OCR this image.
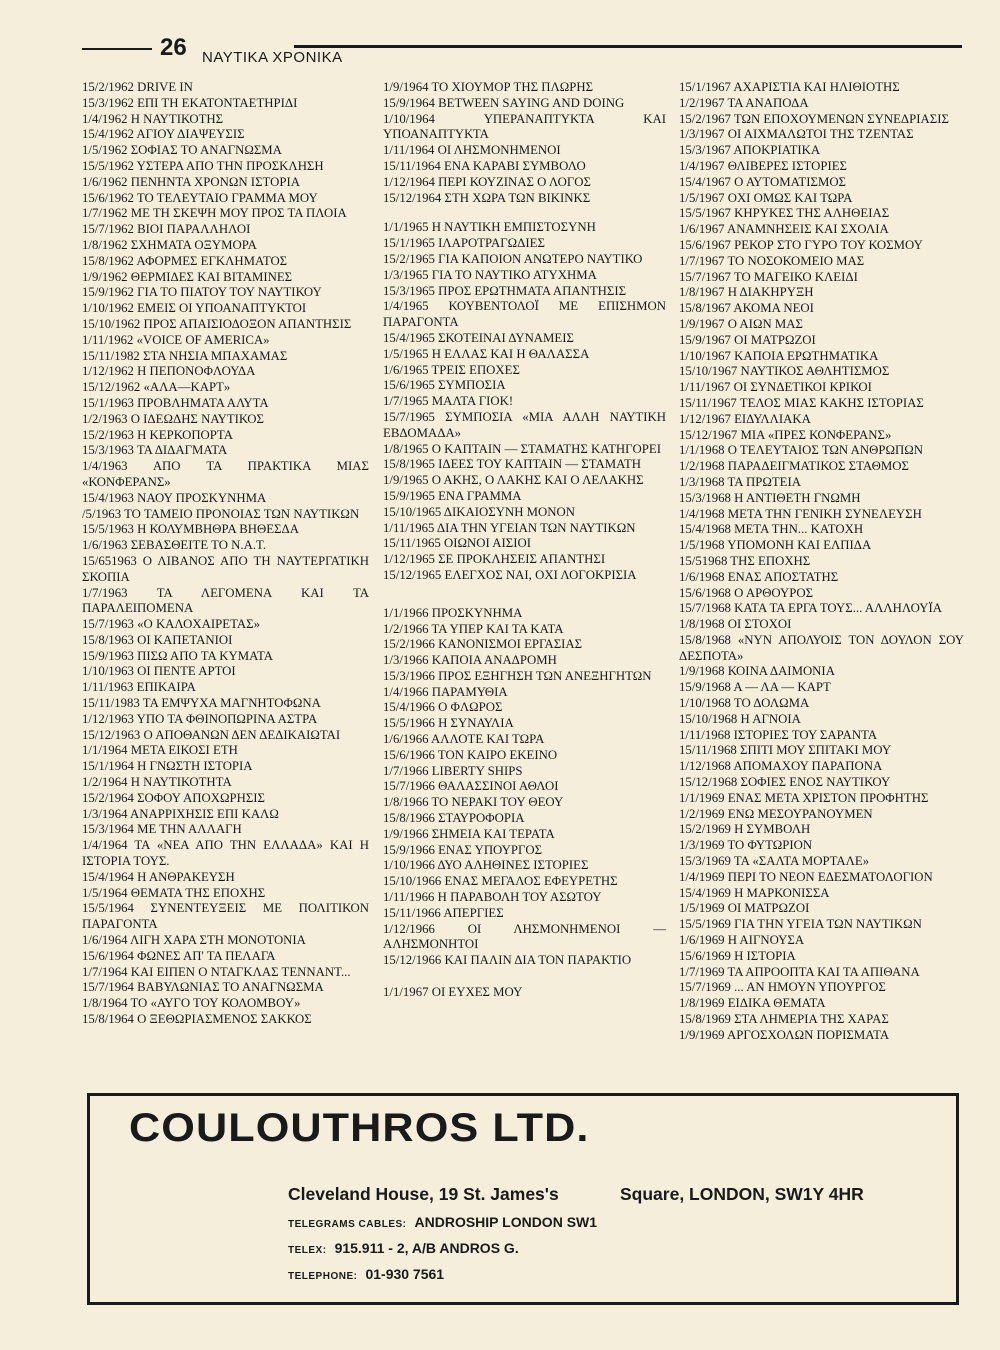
26 ΝΑΥΤΙΚΑ ΧΡΟΝΙΚΑ

15/2/1962 DRIVE IN

15/3/1962 ΕΠΙ ΤΗ ΕΚΑΤΟΝΤΑΕΤΗΡΙΔΙ

1/4/1962 Η ΝΑΥΤΙΚΟΤΗΣ

15/4/1962 ΑΓΙΟΥ ΔΙΑΨΕΥΣΙΣ

1/5/1962 ΣΟΦΙΑΣ ΤΟ ΑΝΑΓΝΩΣΜΑ

15/5/1962 ΥΣΤΕΡΑ ΑΠΟ ΤΗΝ ΠΡΟΣΚΛΗΣΗ

1/6/1962 ΠΕΝΗΝΤΑ ΧΡΟΝΩΝ ΙΣΤΟΡΙΑ

15/6/1962 ΤΟ ΤΕΛΕΥΤΑΙΟ ΓΡΑΜΜΑ ΜΟΥ

1/7/1962 ΜΕ ΤΗ ΣΚΕΨΗ ΜΟΥ ΠΡΟΣ ΤΑ ΠΛΟΙΑ

15/7/1962 ΒΙΟΙ ΠΑΡΑΛΛΗΛΟΙ

1/8/1962 ΣΧΗΜΑΤΑ ΟΞΥΜΟΡΑ

15/8/1962 ΑΦΟΡΜΕΣ ΕΓΚΛΗΜΑΤΟΣ

1/9/1962 ΘΕΡΜΙΔΕΣ ΚΑΙ ΒΙΤΑΜΙΝΕΣ

15/9/1962 ΓΙΑ ΤΟ ΠΙΑΤΟΥ ΤΟΥ ΝΑΥΤΙΚΟΥ

1/10/1962 ΕΜΕΙΣ ΟΙ ΥΠΟΑΝΑΠΤΥΚΤΟΙ

15/10/1962 ΠΡΟΣ ΑΠΑΙΣΙΟΔΟΞΟΝ ΑΠΑΝΤΗΣΙΣ

1/11/1962 «VOICE OF AMERICA»

15/11/1982 ΣΤΑ ΝΗΣΙΑ ΜΠΑΧΑΜΑΣ

1/12/1962 Η ΠΕΠΟΝΟΦΛΟΥΔΑ

15/12/1962 «ΑΛΑ—ΚΑΡΤ»

15/1/1963 ΠΡΟΒΛΗΜΑΤΑ ΑΛΥΤΑ

1/2/1963 Ο ΙΔΕΩΔΗΣ ΝΑΥΤΙΚΟΣ

15/2/1963 Η ΚΕΡΚΟΠΟΡΤΑ

15/3/1963 ΤΑ ΔΙΔΑΓΜΑΤΑ

1/4/1963 ΑΠΟ ΤΑ ΠΡΑΚΤΙΚΑ ΜΙΑΣ «ΚΟΝΦΕΡΑΝΣ»

15/4/1963 ΝΑΟΥ ΠΡΟΣΚΥΝΗΜΑ

/5/1963 ΤΟ ΤΑΜΕΙΟ ΠΡΟΝΟΙΑΣ ΤΩΝ ΝΑΥΤΙΚΩΝ

15/5/1963 Η ΚΟΛΥΜΒΗΘΡΑ ΒΗΘΕΣΔΑ

1/6/1963 ΣΕΒΑΣΘΕΙΤΕ ΤΟ Ν.Α.Τ.

15/651963 Ο ΛΙΒΑΝΟΣ ΑΠΟ ΤΗ ΝΑΥΤΕΡΓΑΤΙΚΗ ΣΚΟΠΙΑ

1/7/1963 ΤΑ ΛΕΓΟΜΕΝΑ ΚΑΙ ΤΑ ΠΑΡΑΛΕΙΠΟΜΕΝΑ

15/7/1963 «Ο ΚΑΛΟΧΑΙΡΕΤΑΣ»

15/8/1963 ΟΙ ΚΑΠΕΤΑΝΙΟΙ

15/9/1963 ΠΙΣΩ ΑΠΟ ΤΑ ΚΥΜΑΤΑ

1/10/1963 ΟΙ ΠΕΝΤΕ ΑΡΤΟΙ

1/11/1963 ΕΠΙΚΑΙΡΑ

15/11/1983 ΤΑ ΕΜΨΥΧΑ ΜΑΓΝΗΤΟΦΩΝΑ

1/12/1963 ΥΠΟ ΤΑ ΦΘΙΝΟΠΩΡΙΝΑ ΑΣΤΡΑ

15/12/1963 Ο ΑΠΟΘΑΝΩΝ ΔΕΝ ΔΕΔΙΚΑΙΩΤΑΙ

1/1/1964 ΜΕΤΑ ΕΙΚΟΣΙ ΕΤΗ

15/1/1964 Η ΓΝΩΣΤΗ ΙΣΤΟΡΙΑ

1/2/1964 Η ΝΑΥΤΙΚΟΤΗΤΑ

15/2/1964 ΣΟΦΟΥ ΑΠΟΧΩΡΗΣΙΣ

1/3/1964 ΑΝΑΡΡΙΧΗΣΙΣ ΕΠΙ ΚΑΛΩ

15/3/1964 ΜΕ ΤΗΝ ΑΛΛΑΓΗ

1/4/1964 ΤΑ «ΝΕΑ ΑΠΟ ΤΗΝ ΕΛΛΑΔΑ» ΚΑΙ Η ΙΣΤΟΡΙΑ ΤΟΥΣ.

15/4/1964 Η ΑΝΘΡΑΚΕΥΣΗ

1/5/1964 ΘΕΜΑΤΑ ΤΗΣ ΕΠΟΧΗΣ

15/5/1964 ΣΥΝΕΝΤΕΥΞΕΙΣ ΜΕ ΠΟΛΙΤΙΚΟΝ ΠΑΡΑΓΟΝΤΑ

1/6/1964 ΛΙΓΗ ΧΑΡΑ ΣΤΗ ΜΟΝΟΤΟΝΙΑ

15/6/1964 ΦΩΝΕΣ ΑΠ' ΤΑ ΠΕΛΑΓΑ

1/7/1964 ΚΑΙ ΕΙΠΕΝ Ο ΝΤΑΓΚΛΑΣ ΤΕΝΝΑΝΤ...

15/7/1964 ΒΑΒΥΛΩΝΙΑΣ ΤΟ ΑΝΑΓΝΩΣΜΑ

1/8/1964 ΤΟ «ΑΥΓΟ ΤΟΥ ΚΟΛΟΜΒΟΥ»

15/8/1964 Ο ΞΕΘΩΡΙΑΣΜΕΝΟΣ ΣΑΚΚΟΣ

1/9/1964 ΤΟ ΧΙΟΥΜΟΡ ΤΗΣ ΠΛΩΡΗΣ

15/9/1964 BETWEEN SAYING AND DOING

1/10/1964 ΥΠΕΡΑΝΑΠΤΥΚΤΑ ΚΑΙ ΥΠΟΑΝΑΠΤΥΚΤΑ

1/11/1964 ΟΙ ΛΗΣΜΟΝΗΜΕΝΟΙ

15/11/1964 ΕΝΑ ΚΑΡΑΒΙ ΣΥΜΒΟΛΟ

1/12/1964 ΠΕΡΙ ΚΟΥΖΙΝΑΣ Ο ΛΟΓΟΣ

15/12/1964 ΣΤΗ ΧΩΡΑ ΤΩΝ ΒΙΚΙΝΚΣ

1/1/1965 Η ΝΑΥΤΙΚΗ ΕΜΠΙΣΤΟΣΥΝΗ

15/1/1965 ΙΛΑΡΟΤΡΑΓΩΔΙΕΣ

15/2/1965 ΓΙΑ ΚΑΠΟΙΟΝ ΑΝΩΤΕΡΟ ΝΑΥΤΙΚΟ

1/3/1965 ΓΙΑ ΤΟ ΝΑΥΤΙΚΟ ΑΤΥΧΗΜΑ

15/3/1965 ΠΡΟΣ ΕΡΩΤΗΜΑΤΑ ΑΠΑΝΤΗΣΙΣ

1/4/1965 ΚΟΥΒΕΝΤΟΛΟΪ ΜΕ ΕΠΙΣΗΜΟΝ ΠΑΡΑΓΟΝΤΑ

15/4/1965 ΣΚΟΤΕΙΝΑΙ ΔΥΝΑΜΕΙΣ

1/5/1965 Η ΕΛΛΑΣ ΚΑΙ Η ΘΑΛΑΣΣΑ

1/6/1965 ΤΡΕΙΣ ΕΠΟΧΕΣ

15/6/1965 ΣΥΜΠΟΣΙΑ

1/7/1965 ΜΑΛΤΑ ΓΙΟΚ!

15/7/1965 ΣΥΜΠΟΣΙΑ «ΜΙΑ ΑΛΛΗ ΝΑΥΤΙΚΗ ΕΒΔΟΜΑΔΑ»

1/8/1965 Ο ΚΑΠΤΑΙΝ — ΣΤΑΜΑΤΗΣ ΚΑΤΗΓΟΡΕΙ

15/8/1965 ΙΔΕΕΣ ΤΟΥ ΚΑΠΤΑΙΝ — ΣΤΑΜΑΤΗ

1/9/1965 Ο ΑΚΗΣ, Ο ΛΑΚΗΣ ΚΑΙ Ο ΛΕΛΑΚΗΣ

15/9/1965 ΕΝΑ ΓΡΑΜΜΑ

15/10/1965 ΔΙΚΑΙΟΣΥΝΗ ΜΟΝΟΝ

1/11/1965 ΔΙΑ ΤΗΝ ΥΓΕΙΑΝ ΤΩΝ ΝΑΥΤΙΚΩΝ

15/11/1965 ΟΙΩΝΟΙ ΑΙΣΙΟΙ

1/12/1965 ΣΕ ΠΡΟΚΛΗΣΕΙΣ ΑΠΑΝΤΗΣΙ

15/12/1965 ΕΛΕΓΧΟΣ ΝΑΙ, ΟΧΙ ΛΟΓΟΚΡΙΣΙΑ

1/1/1966 ΠΡΟΣΚΥΝΗΜΑ

1/2/1966 ΤΑ ΥΠΕΡ ΚΑΙ ΤΑ ΚΑΤΑ

15/2/1966 ΚΑΝΟΝΙΣΜΟΙ ΕΡΓΑΣΙΑΣ

1/3/1966 ΚΑΠΟΙΑ ΑΝΑΔΡΟΜΗ

15/3/1966 ΠΡΟΣ ΕΞΗΓΗΣΗ ΤΩΝ ΑΝΕΞΗΓΗΤΩΝ

1/4/1966 ΠΑΡΑΜΥΘΙΑ

15/4/1966 Ο ΦΛΩΡΟΣ

15/5/1966 Η ΣΥΝΑΥΛΙΑ

1/6/1966 ΑΛΛΟΤΕ ΚΑΙ ΤΩΡΑ

15/6/1966 ΤΟΝ ΚΑΙΡΟ ΕΚΕΙΝΟ

1/7/1966 LIBERTY SHIPS

15/7/1966 ΘΑΛΑΣΣΙΝΟΙ ΑΘΛΟΙ

1/8/1966 ΤΟ ΝΕΡΑΚΙ ΤΟΥ ΘΕΟΥ

15/8/1966 ΣΤΑΥΡΟΦΟΡΙΑ

1/9/1966 ΣΗΜΕΙΑ ΚΑΙ ΤΕΡΑΤΑ

15/9/1966 ΕΝΑΣ ΥΠΟΥΡΓΟΣ

1/10/1966 ΔΥΟ ΑΛΗΘΙΝΕΣ ΙΣΤΟΡΙΕΣ

15/10/1966 ΕΝΑΣ ΜΕΓΑΛΟΣ ΕΦΕΥΡΕΤΗΣ

1/11/1966 Η ΠΑΡΑΒΟΛΗ ΤΟΥ ΑΣΩΤΟΥ

15/11/1966 ΑΠΕΡΓΙΕΣ

1/12/1966 ΟΙ ΛΗΣΜΟΝΗΜΕΝΟΙ — ΑΛΗΣΜΟΝΗΤΟΙ

15/12/1966 ΚΑΙ ΠΑΛΙΝ ΔΙΑ ΤΟΝ ΠΑΡΑΚΤΙΟ

1/1/1967 ΟΙ ΕΥΧΕΣ ΜΟΥ

15/1/1967 ΑΧΑΡΙΣΤΙΑ ΚΑΙ ΗΛΙΘΙΟΤΗΣ

1/2/1967 ΤΑ ΑΝΑΠΟΔΑ

15/2/1967 ΤΩΝ ΕΠΟΧΟΥΜΕΝΩΝ ΣΥΝΕΔΡΙΑΣΙΣ

1/3/1967 ΟΙ ΑΙΧΜΑΛΩΤΟΙ ΤΗΣ ΤΖΕΝΤΑΣ

15/3/1967 ΑΠΟΚΡΙΑΤΙΚΑ

1/4/1967 ΘΛΙΒΕΡΕΣ ΙΣΤΟΡΙΕΣ

15/4/1967 Ο ΑΥΤΟΜΑΤΙΣΜΟΣ

1/5/1967 ΟΧΙ ΟΜΩΣ ΚΑΙ ΤΩΡΑ

15/5/1967 ΚΗΡΥΚΕΣ ΤΗΣ ΑΛΗΘΕΙΑΣ

1/6/1967 ΑΝΑΜΝΗΣΕΙΣ ΚΑΙ ΣΧΟΛΙΑ

15/6/1967 ΡΕΚΟΡ ΣΤΟ ΓΥΡΟ ΤΟΥ ΚΟΣΜΟΥ

1/7/1967 ΤΟ ΝΟΣΟΚΟΜΕΙΟ ΜΑΣ

15/7/1967 ΤΟ ΜΑΓΕΙΚΟ ΚΛΕΙΔΙ

1/8/1967 Η ΔΙΑΚΗΡΥΞΗ

15/8/1967 ΑΚΟΜΑ ΝΕΟΙ

1/9/1967 Ο ΑΙΩΝ ΜΑΣ

15/9/1967 ΟΙ ΜΑΤΡΩΖΟΙ

1/10/1967 ΚΑΠΟΙΑ ΕΡΩΤΗΜΑΤΙΚΑ

15/10/1967 ΝΑΥΤΙΚΟΣ ΑΘΛΗΤΙΣΜΟΣ

1/11/1967 ΟΙ ΣΥΝΔΕΤΙΚΟΙ ΚΡΙΚΟΙ

15/11/1967 ΤΕΛΟΣ ΜΙΑΣ ΚΑΚΗΣ ΙΣΤΟΡΙΑΣ

1/12/1967 ΕΙΔΥΛΛΙΑΚΑ

15/12/1967 ΜΙΑ «ΠΡΕΣ ΚΟΝΦΕΡΑΝΣ»

1/1/1968 Ο ΤΕΛΕΥΤΑΙΟΣ ΤΩΝ ΑΝΘΡΩΠΩΝ

1/2/1968 ΠΑΡΑΔΕΙΓΜΑΤΙΚΟΣ ΣΤΑΘΜΟΣ

1/3/1968 ΤΑ ΠΡΩΤΕΙΑ

15/3/1968 Η ΑΝΤΙΘΕΤΗ ΓΝΩΜΗ

1/4/1968 ΜΕΤΑ ΤΗΝ ΓΕΝΙΚΗ ΣΥΝΕΛΕΥΣΗ

15/4/1968 ΜΕΤΑ ΤΗΝ... ΚΑΤΟΧΗ

1/5/1968 ΥΠΟΜΟΝΗ ΚΑΙ ΕΛΠΙΔΑ

15/51968 ΤΗΣ ΕΠΟΧΗΣ

1/6/1968 ΕΝΑΣ ΑΠΟΣΤΑΤΗΣ

15/6/1968 Ο ΑΡΘΟΥΡΟΣ

15/7/1968 ΚΑΤΑ ΤΑ ΕΡΓΑ ΤΟΥΣ... ΑΛΛΗΛΟΥΪΑ

1/8/1968 ΟΙ ΣΤΟΧΟΙ

15/8/1968 «ΝΥΝ ΑΠΟΛΥΟΙΣ ΤΟΝ ΔΟΥΛΟΝ ΣΟΥ ΔΕΣΠΟΤΑ»

1/9/1968 ΚΟΙΝΑ ΔΑΙΜΟΝΙΑ

15/9/1968 Α — ΛΑ — ΚΑΡΤ

1/10/1968 ΤΟ ΔΟΛΩΜΑ

15/10/1968 Η ΑΓΝΟΙΑ

1/11/1968 ΙΣΤΟΡΙΕΣ ΤΟΥ ΣΑΡΑΝΤΑ

15/11/1968 ΣΠΙΤΙ ΜΟΥ ΣΠΙΤΑΚΙ ΜΟΥ

1/12/1968 ΑΠΟΜΑΧΟΥ ΠΑΡΑΠΟΝΑ

15/12/1968 ΣΟΦΙΕΣ ΕΝΟΣ ΝΑΥΤΙΚΟΥ

1/1/1969 ΕΝΑΣ ΜΕΤΑ ΧΡΙΣΤΟΝ ΠΡΟΦΗΤΗΣ

1/2/1969 ΕΝΩ ΜΕΣΟΥΡΑΝΟΥΜΕΝ

15/2/1969 Η ΣΥΜΒΟΛΗ

1/3/1969 ΤΟ ΦΥΤΩΡΙΟΝ

15/3/1969 ΤΑ «ΣΑΛΤΑ ΜΟΡΤΑΛΕ»

1/4/1969 ΠΕΡΙ ΤΟ ΝΕΟΝ ΕΔΕΣΜΑΤΟΛΟΓΙΟΝ

15/4/1969 Η ΜΑΡΚΟΝΙΣΣΑ

1/5/1969 ΟΙ ΜΑΤΡΩΖΟΙ

15/5/1969 ΓΙΑ ΤΗΝ ΥΓΕΙΑ ΤΩΝ ΝΑΥΤΙΚΩΝ

1/6/1969 Η ΑΙΓΝΟΥΣΑ

15/6/1969 Η ΙΣΤΟΡΙΑ

1/7/1969 ΤΑ ΑΠΡΟΟΠΤΑ ΚΑΙ ΤΑ ΑΠΙΘΑΝΑ

15/7/1969 ... ΑΝ ΗΜΟΥΝ ΥΠΟΥΡΓΟΣ

1/8/1969 ΕΙΔΙΚΑ ΘΕΜΑΤΑ

15/8/1969 ΣΤΑ ΛΗΜΕΡΙΑ ΤΗΣ ΧΑΡΑΣ

1/9/1969 ΑΡΓΟΣΧΟΛΩΝ ΠΟΡΙΣΜΑΤΑ

COULOUTHROS LTD.
Cleveland House, 19 St. James's	Square, LONDON, SW1Y 4HR
TELEGRAMS CABLES: ANDROSHIP LONDON SW1
TELEX: 915.911 - 2, A/B ANDROS G.
TELEPHONE: 01-930 7561
